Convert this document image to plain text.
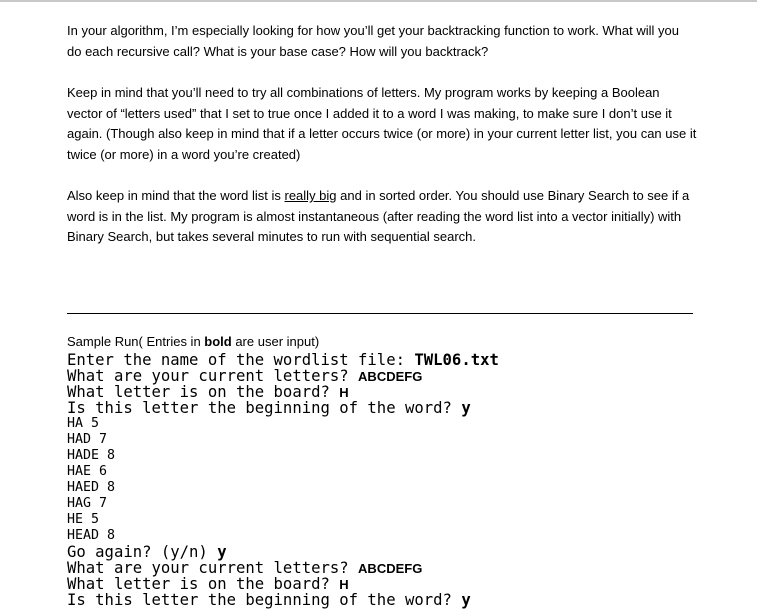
In your algorithm, I’m especially looking for how you’ll get your backtracking function to work. What will you do each recursive call? What is your base case? How will you backtrack?

Keep in mind that you’ll need to try all combinations of letters. My program works by keeping a Boolean vector of “letters used” that I set to true once I added it to a word I was making, to make sure I don’t use it again. (Though also keep in mind that if a letter occurs twice (or more) in your current letter list, you can use it twice (or more) in a word you’re created)

Also keep in mind that the word list is really big and in sorted order. You should use Binary Search to see if a word is in the list. My program is almost instantaneous (after reading the word list into a vector initially) with Binary Search, but takes several minutes to run with sequential search.

Sample Run( Entries in bold are user input)
Enter the name of the wordlist file: TWL06.txt
What are your current letters? ABCDEFG
What letter is on the board? H
Is this letter the beginning of the word? y
HA 5
HAD 7
HADE 8
HAE 6
HAED 8
HAG 7
HE 5
HEAD 8
Go again? (y/n) y
What are your current letters? ABCDEFG
What letter is on the board? H
Is this letter the beginning of the word? y
